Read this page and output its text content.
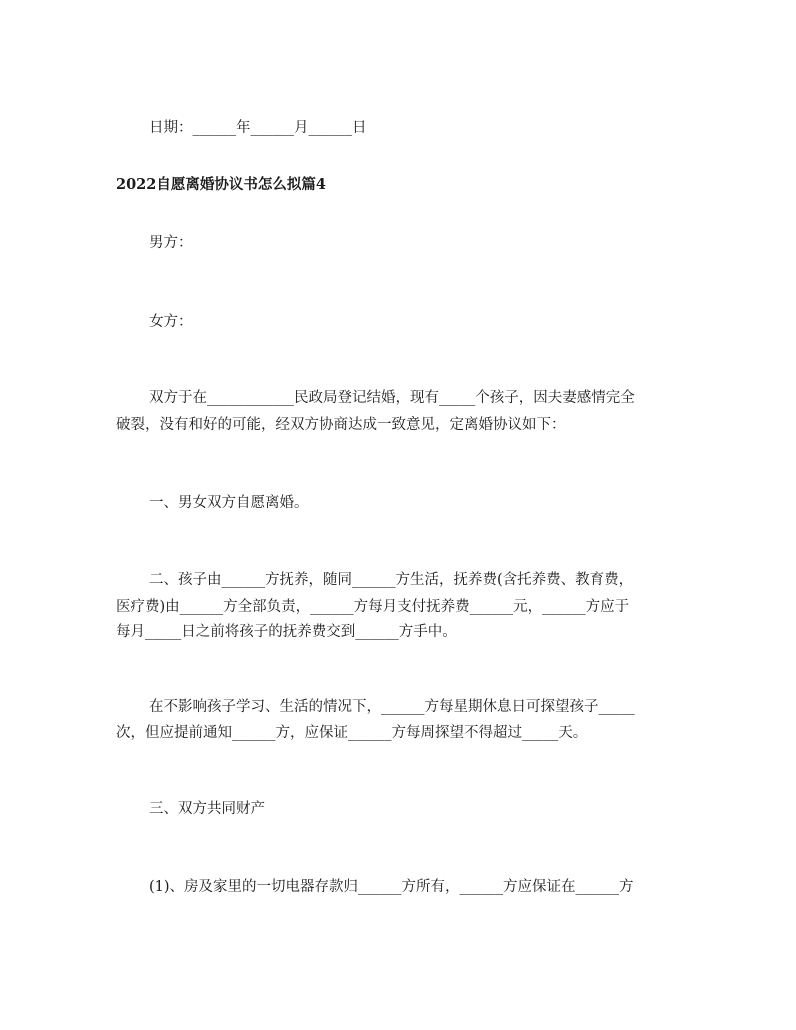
日期：______年______月______日

2022自愿离婚协议书怎么拟篇4

男方：

女方：

双方于在____________民政局登记结婚，现有_____个孩子，因夫妻感情完全

破裂，没有和好的可能，经双方协商达成一致意见，定离婚协议如下：

一、男女双方自愿离婚。

二、孩子由______方抚养，随同______方生活，抚养费(含托养费、教育费，

医疗费)由______方全部负责，______方每月支付抚养费______元，______方应于

每月_____日之前将孩子的抚养费交到______方手中。

在不影响孩子学习、生活的情况下，______方每星期休息日可探望孩子_____

次，但应提前通知______方，应保证______方每周探望不得超过_____天。

三、双方共同财产

(1)、房及家里的一切电器存款归______方所有，______方应保证在______方
